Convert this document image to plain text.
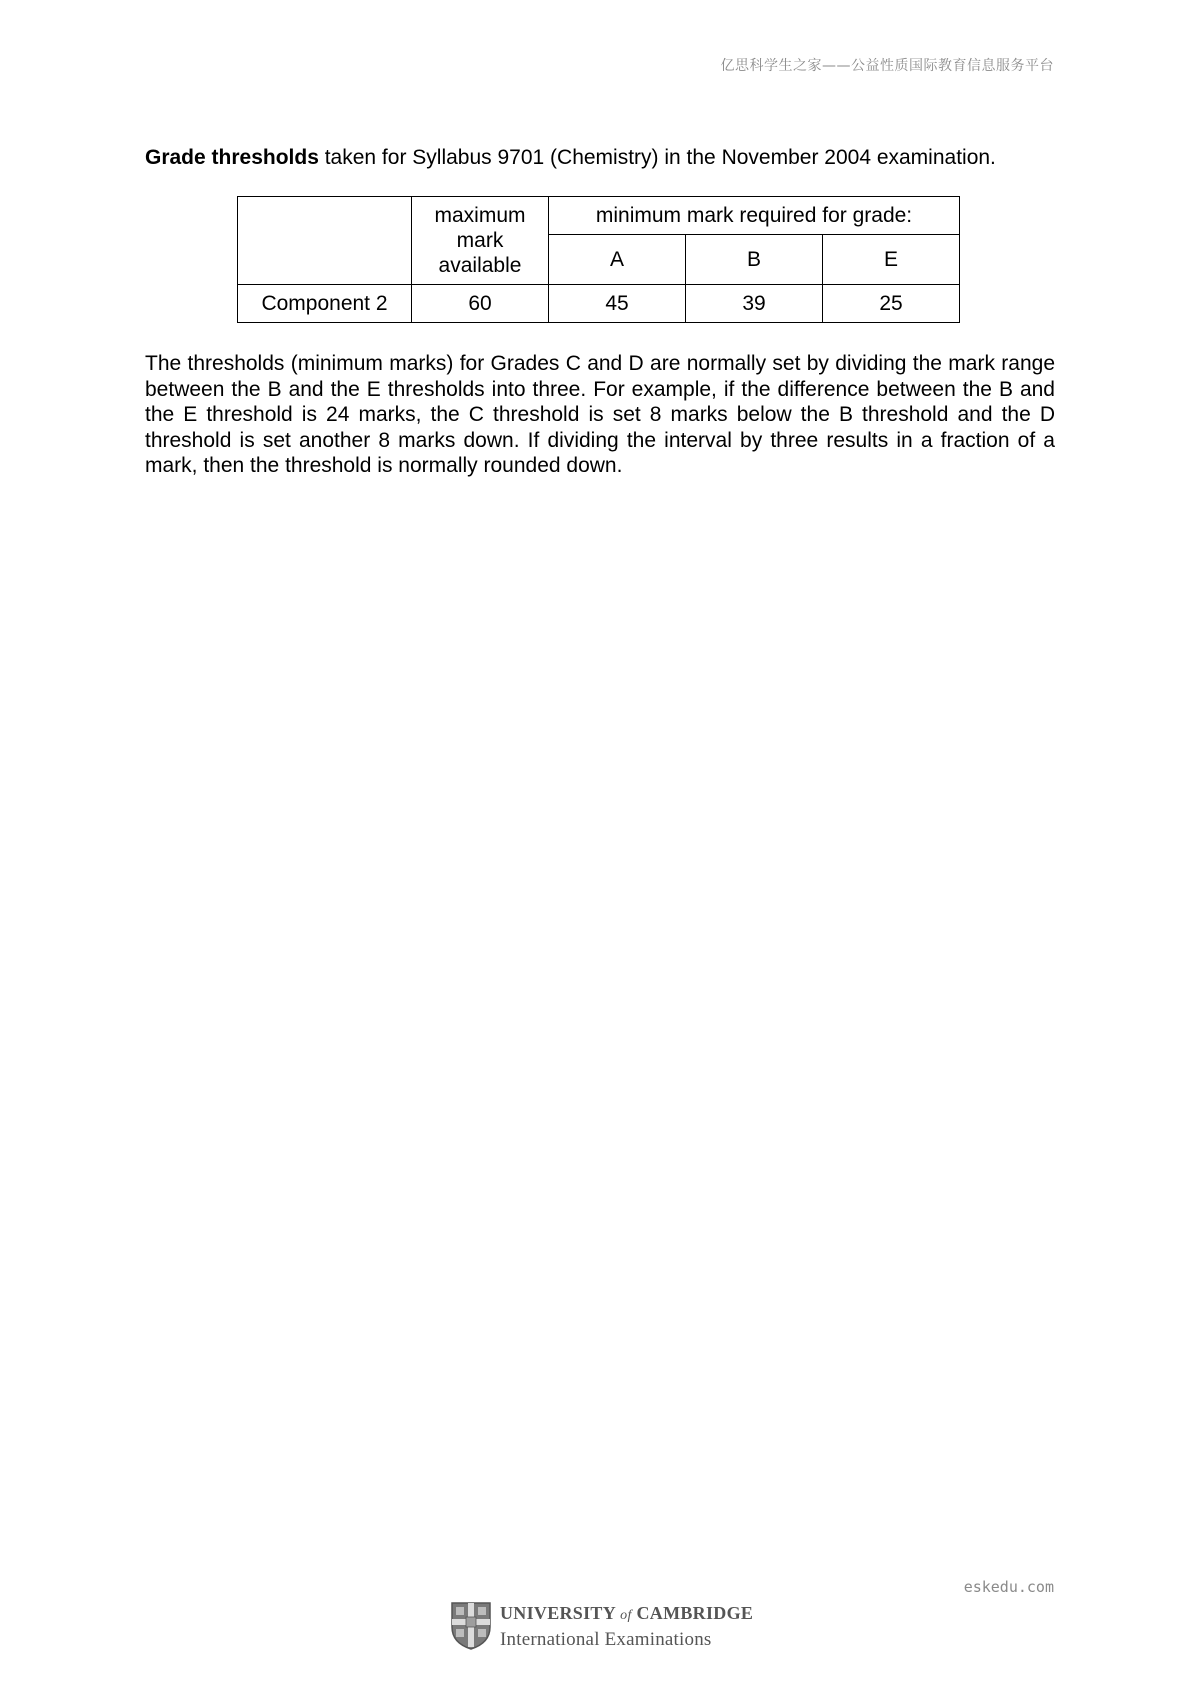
亿思科学生之家——公益性质国际教育信息服务平台
Grade thresholds taken for Syllabus 9701 (Chemistry) in the November 2004 examination.

	maximum
mark
available	minimum mark required for grade:		
		A	B	E
Component 2	60	45	39	25
The thresholds (minimum marks) for Grades C and D are normally set by dividing the mark range between the B and the E thresholds into three. For example, if the difference between the B and the E threshold is 24 marks, the C threshold is set 8 marks below the B threshold and the D threshold is set another 8 marks down. If dividing the interval by three results in a fraction of a mark, then the threshold is normally rounded down.
eskedu.com
UNIVERSITY of CAMBRIDGE
International Examinations
